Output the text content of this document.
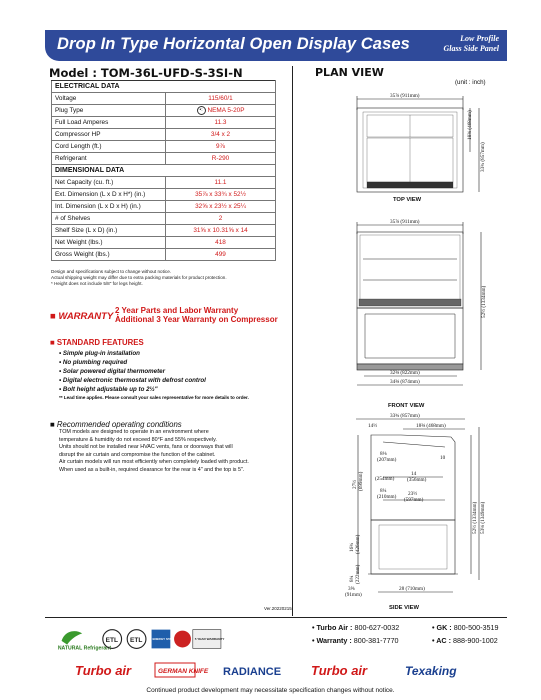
Drop In Type Horizontal Open Display Cases	Low Profile
Glass Side Panel
Model : TOM-36L-UFD-S-3SI-N
ELECTRICAL DATA	
Voltage	115/60/1
Plug Type	•: NEMA 5-20P
Full Load Amperes	11.3
Compressor HP	3/4 x 2
Cord Length (ft.)	9⅞
Refrigerant	R-290
DIMENSIONAL DATA	
Net Capacity (cu. ft.)	11.1
Ext. Dimension (L x D x H*) (in.)	35⅞ x 33¾ x 52½
Int. Dimension (L x D x H) (in.)	32⅝ x 23½ x 25¼
# of Shelves	2
Shelf Size (L x D) (in.)	31⅝ x 10.31⅝ x 14
Net Weight (lbs.)	418
Gross Weight (lbs.)	499
Design and specifications subject to change without notice.
Actual shipping weight may differ due to extra packing materials for product protection.
* Height does not include 5/8" for legs height.
■ WARRANTY :
2 Year Parts and Labor Warranty
Additional 3 Year Warranty on Compressor
■ STANDARD FEATURES
• Simple plug-in installation
• No plumbing required
• Solar powered digital thermometer
• Digital electronic thermostat with defrost control
• Bolt height adjustable up to 2½"
** Lead time applies. Please consult your sales representative for more details to order.
■ Recommended operating conditions

TOM models are designed to operate in an environment where
temperature & humidity do not exceed 80°F and 55% respectively.
Units should not be installed near HVAC vents, fans or doorways that will
disrupt the air curtain and compromise the function of the cabinet.
Air curtain models will run most efficiently when completely loaded with product.
When used as a built-in, required clearance for the rear is 4" and the top is 5".

Ver.20220215
PLAN VIEW
(unit : inch)
35⅞ (911mm)
18⅜ (468mm)
33¾ (857mm)
35⅞ (911mm)
52½ (1334mm)
32⅜ (822mm)
34⅜ (874mm)
33¾ (857mm)
14½	18⅜ (468mm)
8⅛
(207mm)	10
(254mm)
14
(356mm)
8¼
(210mm) 23½
(597mm)
27½ (699mm)
16¾ (426mm)
8¾ (222mm)
3⅝
(91mm)
52½ (1334mm) 53⅛ (1349mm)
28 (710mm)
TOP VIEW
FRONT VIEW
SIDE VIEW
NATURAL Refrigerant
ETL ETL	ENERGY STAR	5 YEAR WARRANTY
• Turbo Air : 800-627-0032	• GK : 800-500-3519
• Warranty : 800-381-7770	• AC : 888-900-1002
Turbo air	GERMAN KNIFE RADIANCE Turbo air	Texaking
Continued product development may necessitate specification changes without notice.
